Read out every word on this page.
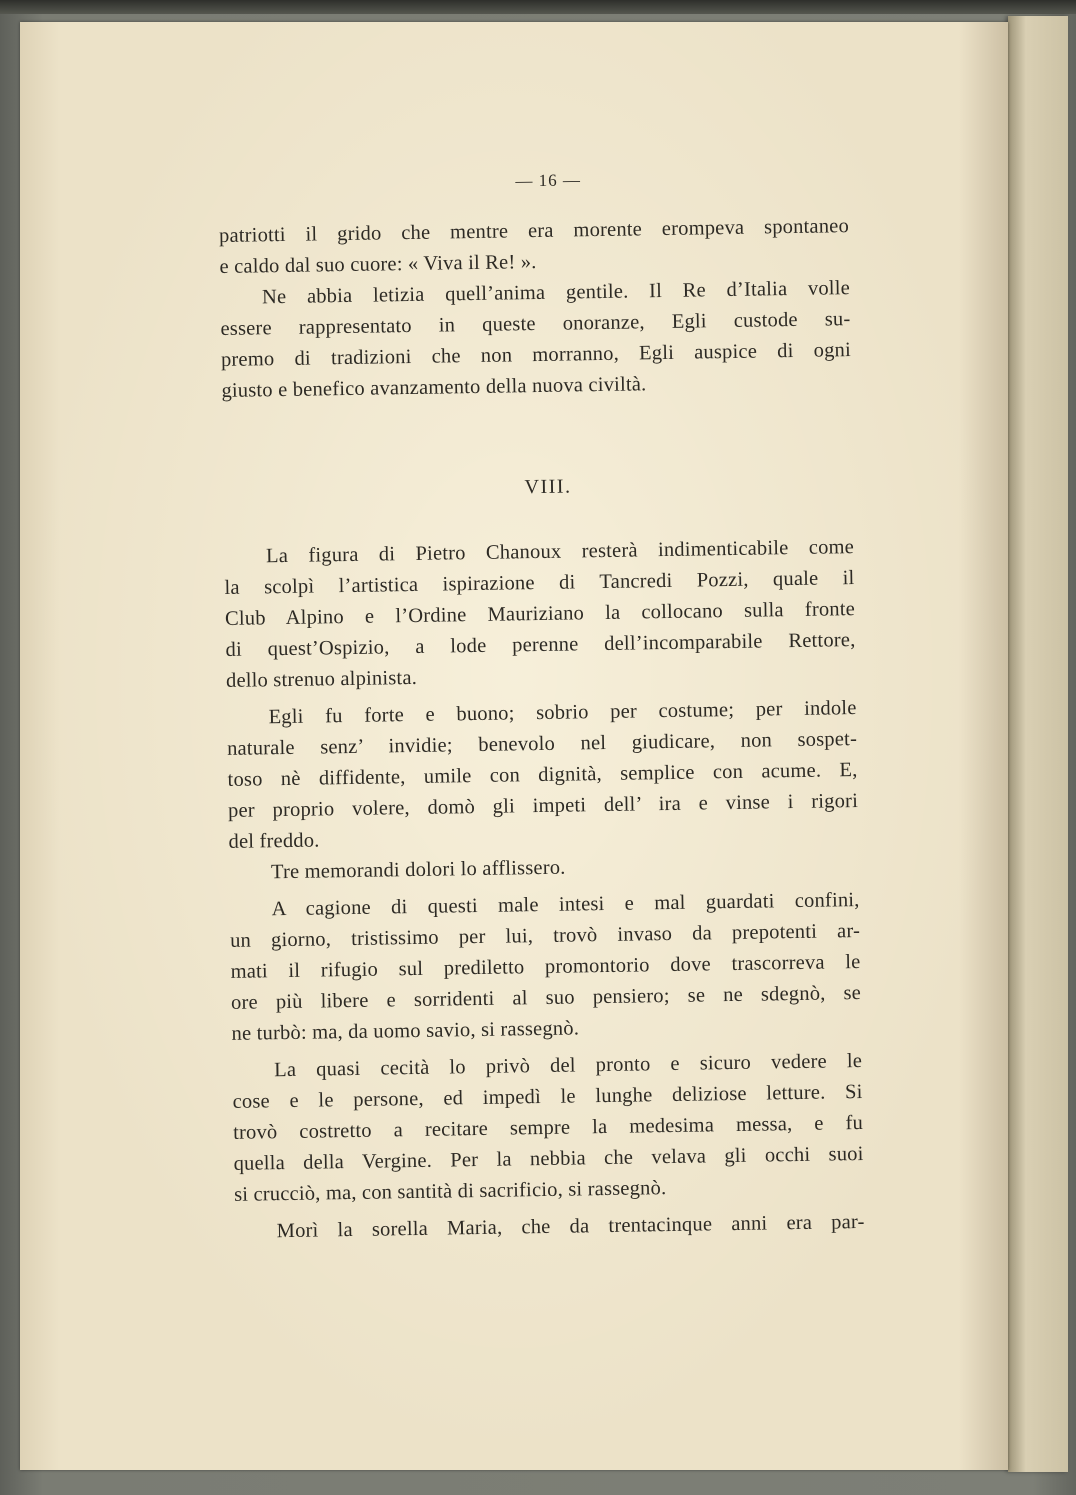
— 16 —
patriotti il grido che mentre era morente erompeva spontaneo
e caldo dal suo cuore: « Viva il Re! ».
Ne abbia letizia quell’anima gentile. Il Re d’Italia volle
essere rappresentato in queste onoranze, Egli custode su-
premo di tradizioni che non morranno, Egli auspice di ogni
giusto e benefico avanzamento della nuova civiltà.
VIII.
La figura di Pietro Chanoux resterà indimenticabile come
la scolpì l’artistica ispirazione di Tancredi Pozzi, quale il
Club Alpino e l’Ordine Mauriziano la collocano sulla fronte
di quest’Ospizio, a lode perenne dell’incomparabile Rettore,
dello strenuo alpinista.
Egli fu forte e buono; sobrio per costume; per indole
naturale senz’ invidie; benevolo nel giudicare, non sospet-
toso nè diffidente, umile con dignità, semplice con acume. E,
per proprio volere, domò gli impeti dell’ ira e vinse i rigori
del freddo.
Tre memorandi dolori lo afflissero.
A cagione di questi male intesi e mal guardati confini,
un giorno, tristissimo per lui, trovò invaso da prepotenti ar-
mati il rifugio sul prediletto promontorio dove trascorreva le
ore più libere e sorridenti al suo pensiero; se ne sdegnò, se
ne turbò: ma, da uomo savio, si rassegnò.
La quasi cecità lo privò del pronto e sicuro vedere le
cose e le persone, ed impedì le lunghe deliziose letture. Si
trovò costretto a recitare sempre la medesima messa, e fu
quella della Vergine. Per la nebbia che velava gli occhi suoi
si crucciò, ma, con santità di sacrificio, si rassegnò.
Morì la sorella Maria, che da trentacinque anni era par-
